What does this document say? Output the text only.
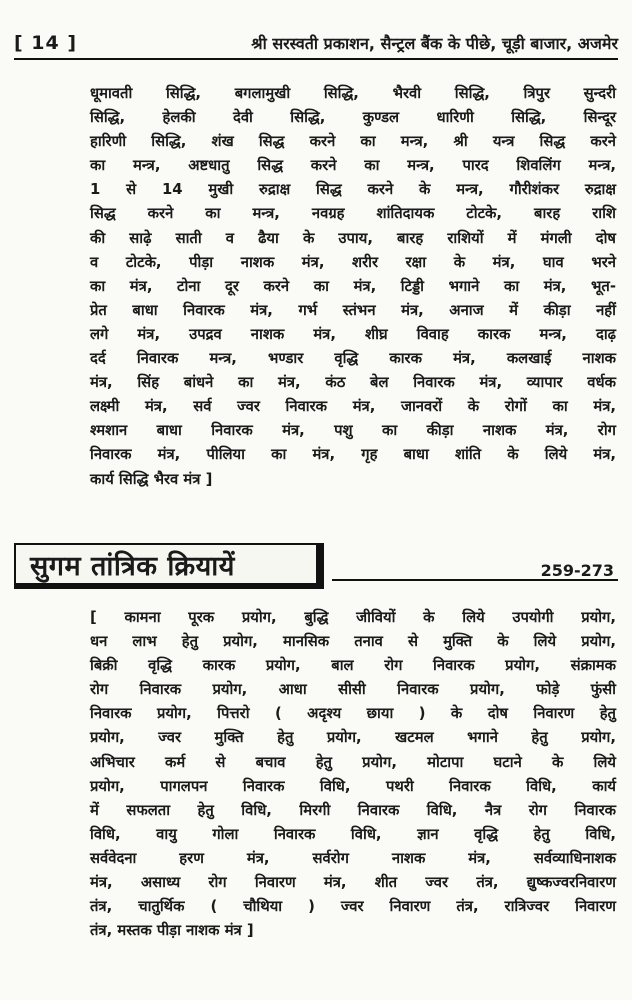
[ 14 ]	श्री सरस्वती प्रकाशन, सैन्ट्रल बैंक के पीछे, चूड़ी बाजार, अजमेर
धूमावती सिद्धि, बगलामुखी सिद्धि, भैरवी सिद्धि, त्रिपुर सुन्दरी
सिद्धि, हेलकी देवी सिद्धि, कुण्डल धारिणी सिद्धि, सिन्दूर
हारिणी सिद्धि, शंख सिद्ध करने का मन्त्र, श्री यन्त्र सिद्ध करने
का मन्त्र, अष्टधातु सिद्ध करने का मन्त्र, पारद शिवलिंग मन्त्र,
1 से 14 मुखी रुद्राक्ष सिद्ध करने के मन्त्र, गौरीशंकर रुद्राक्ष
सिद्ध करने का मन्त्र, नवग्रह शांतिदायक टोटके, बारह राशि
की साढ़े साती व ढैया के उपाय, बारह राशियों में मंगली दोष
व टोटके, पीड़ा नाशक मंत्र, शरीर रक्षा के मंत्र, घाव भरने
का मंत्र, टोना दूर करने का मंत्र, टिड्डी भगाने का मंत्र, भूत-
प्रेत बाधा निवारक मंत्र, गर्भ स्तंभन मंत्र, अनाज में कीड़ा नहीं
लगे मंत्र, उपद्रव नाशक मंत्र, शीघ्र विवाह कारक मन्त्र, दाढ़
दर्द निवारक मन्त्र, भण्डार वृद्धि कारक मंत्र, कलखाई नाशक
मंत्र, सिंह बांधने का मंत्र, कंठ बेल निवारक मंत्र, व्यापार वर्धक
लक्ष्मी मंत्र, सर्व ज्वर निवारक मंत्र, जानवरों के रोगों का मंत्र,
श्मशान बाधा निवारक मंत्र, पशु का कीड़ा नाशक मंत्र, रोग
निवारक मंत्र, पीलिया का मंत्र, गृह बाधा शांति के लिये मंत्र,
कार्य सिद्धि भैरव मंत्र ]
सुगम तांत्रिक क्रियायें	259-273
[ कामना पूरक प्रयोग, बुद्धि जीवियों के लिये उपयोगी प्रयोग,
धन लाभ हेतु प्रयोग, मानसिक तनाव से मुक्ति के लिये प्रयोग,
बिक्री वृद्धि कारक प्रयोग, बाल रोग निवारक प्रयोग, संक्रामक
रोग निवारक प्रयोग, आधा सीसी निवारक प्रयोग, फोड़े फुंसी
निवारक प्रयोग, पित्तरो ( अदृश्य छाया ) के दोष निवारण हेतु
प्रयोग, ज्वर मुक्ति हेतु प्रयोग, खटमल भगाने हेतु प्रयोग,
अभिचार कर्म से बचाव हेतु प्रयोग, मोटापा घटाने के लिये
प्रयोग, पागलपन निवारक विधि, पथरी निवारक विधि, कार्य
में सफलता हेतु विधि, मिरगी निवारक विधि, नैत्र रोग निवारक
विधि, वायु गोला निवारक विधि, ज्ञान वृद्धि हेतु विधि,
सर्ववेदना हरण मंत्र, सर्वरोग नाशक मंत्र, सर्वव्याधिनाशक
मंत्र, असाध्य रोग निवारण मंत्र, शीत ज्वर तंत्र, द्युष्कज्वरनिवारण
तंत्र, चातुर्थिक ( चौथिया ) ज्वर निवारण तंत्र, रात्रिज्वर निवारण
तंत्र, मस्तक पीड़ा नाशक मंत्र ]
